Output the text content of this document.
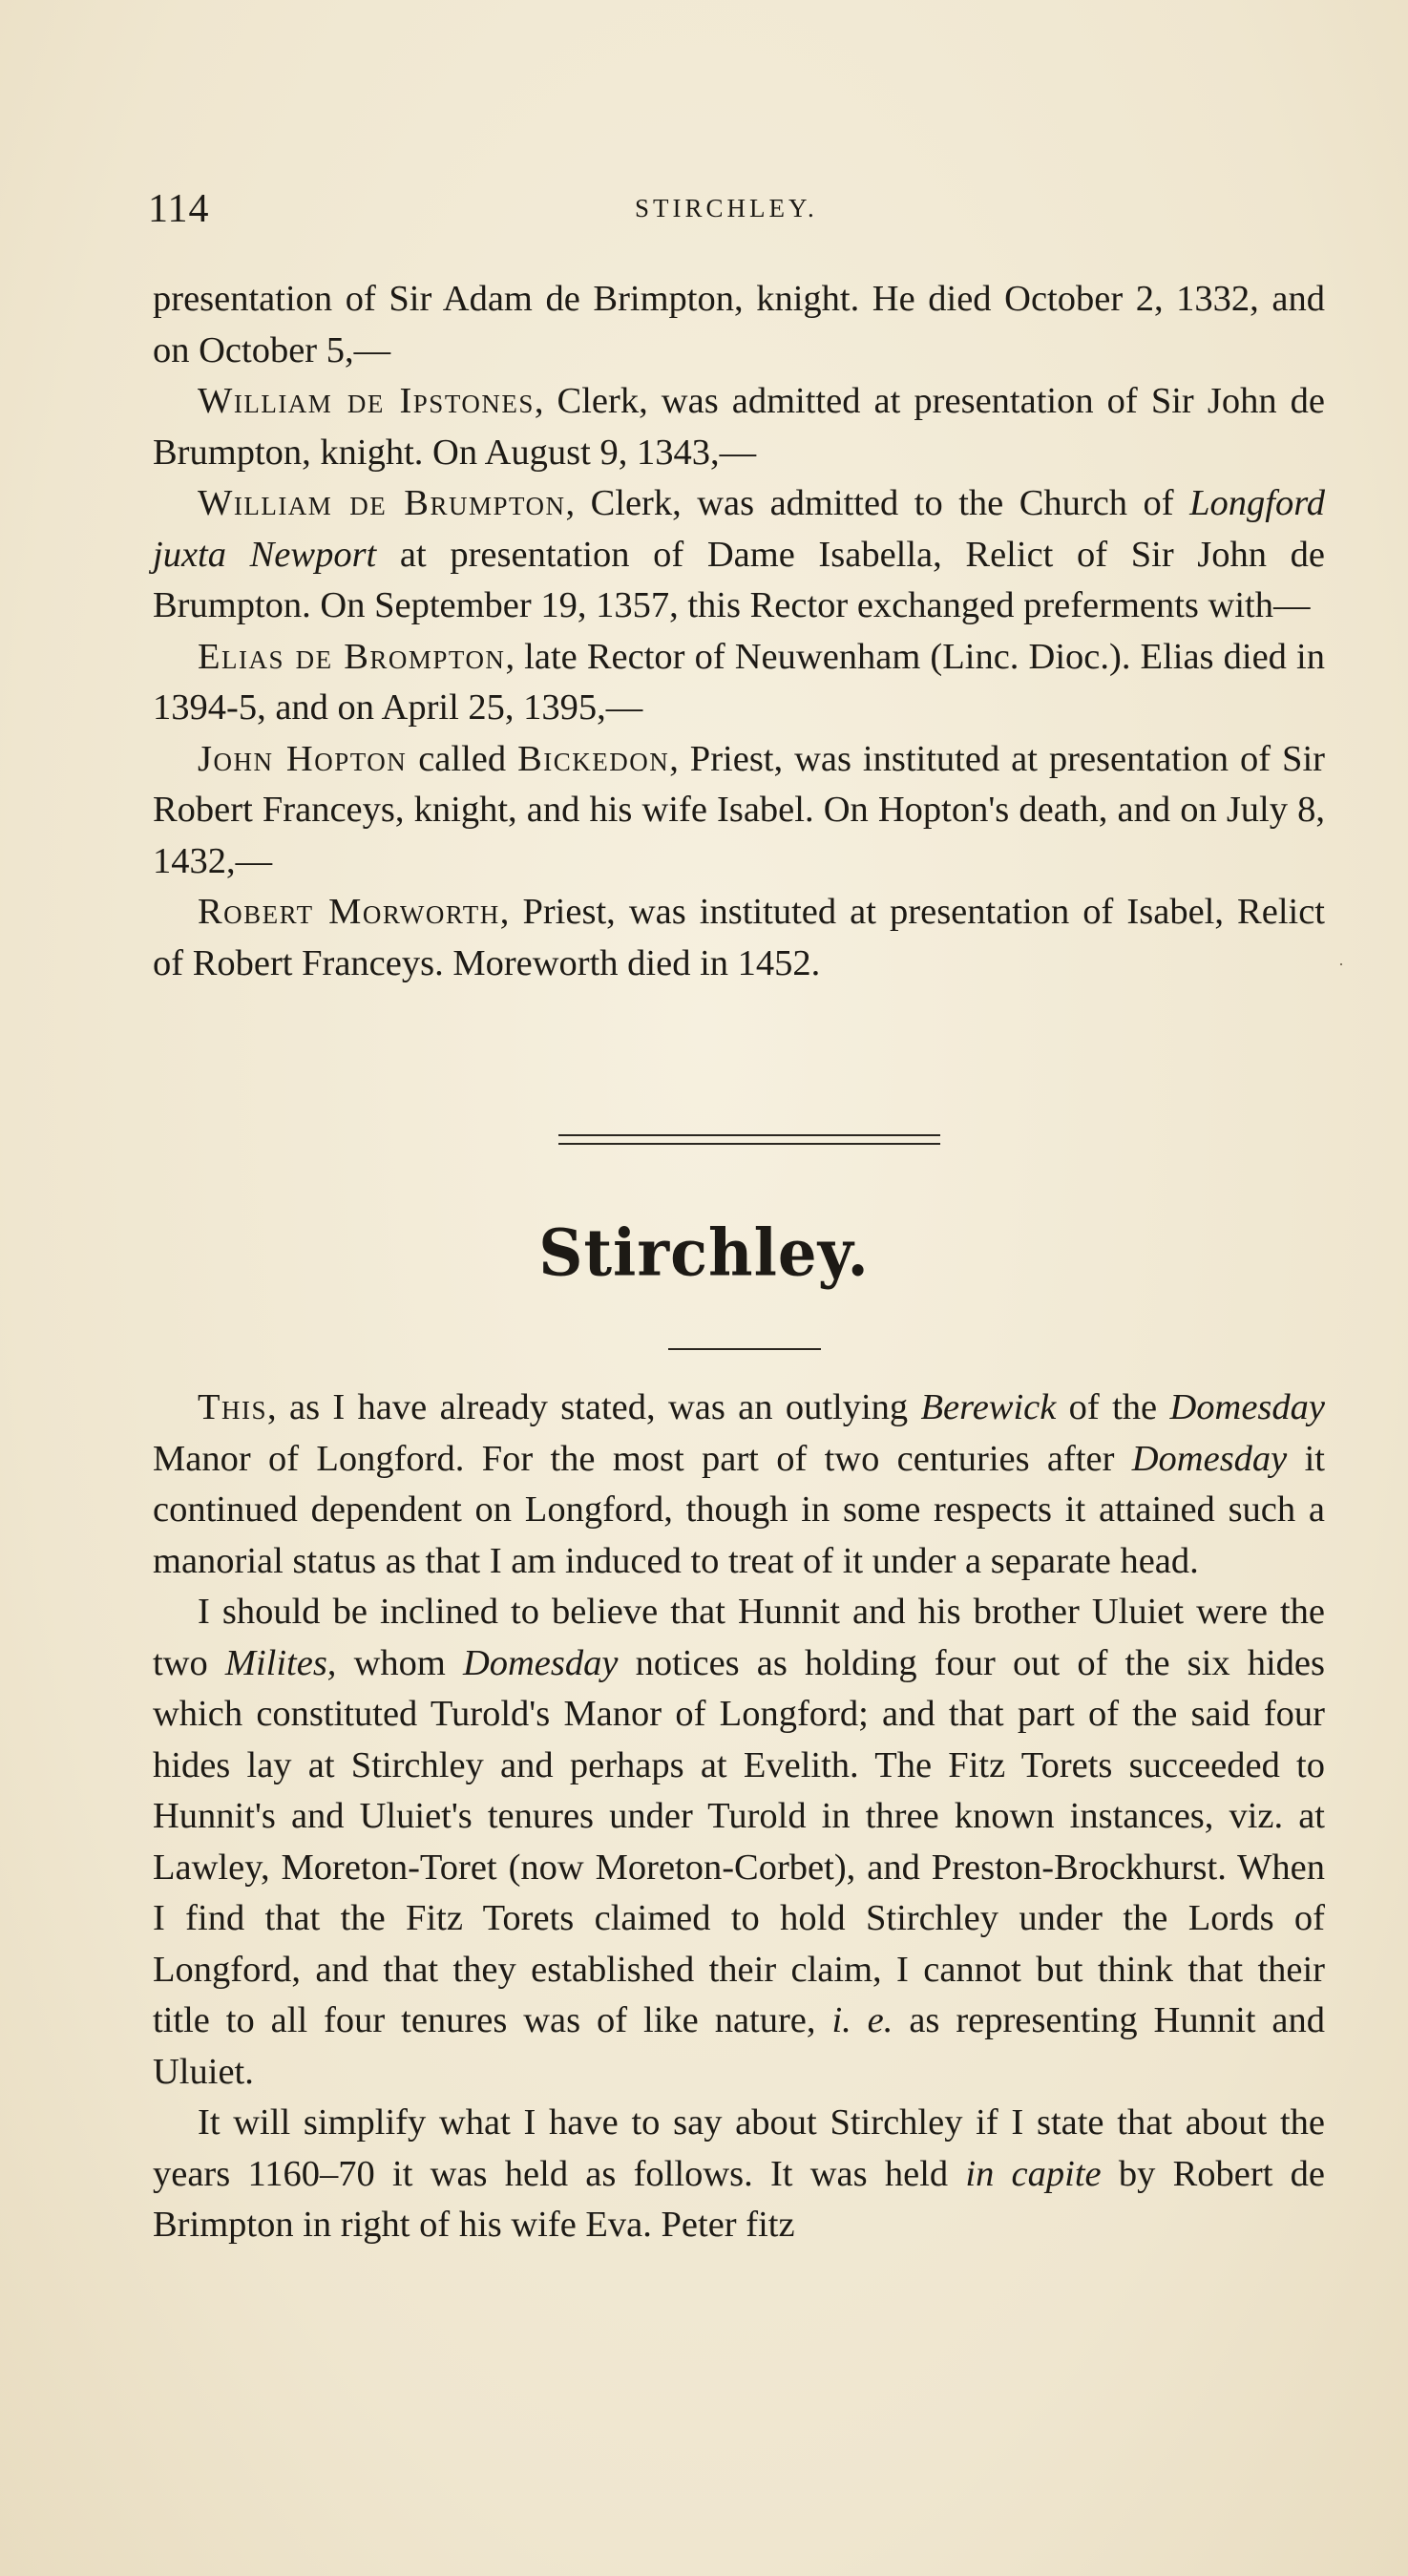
114	STIRCHLEY.

presentation of Sir Adam de Brimpton, knight. He died October 2, 1332, and on October 5,—

William de Ipstones, Clerk, was admitted at presentation of Sir John de Brumpton, knight. On August 9, 1343,—

William de Brumpton, Clerk, was admitted to the Church of Longford juxta Newport at presentation of Dame Isabella, Relict of Sir John de Brumpton. On September 19, 1357, this Rector exchanged preferments with—

Elias de Brompton, late Rector of Neuwenham (Linc. Dioc.). Elias died in 1394-5, and on April 25, 1395,—

John Hopton called Bickedon, Priest, was instituted at presentation of Sir Robert Franceys, knight, and his wife Isabel. On Hopton's death, and on July 8, 1432,—

Robert Morworth, Priest, was instituted at presentation of Isabel, Relict of Robert Franceys. Moreworth died in 1452.

Stirchley.

This, as I have already stated, was an outlying Berewick of the Domesday Manor of Longford. For the most part of two centuries after Domesday it continued dependent on Longford, though in some respects it attained such a manorial status as that I am induced to treat of it under a separate head.

I should be inclined to believe that Hunnit and his brother Uluiet were the two Milites, whom Domesday notices as holding four out of the six hides which constituted Turold's Manor of Longford; and that part of the said four hides lay at Stirchley and perhaps at Evelith. The Fitz Torets succeeded to Hunnit's and Uluiet's tenures under Turold in three known instances, viz. at Lawley, Moreton-Toret (now Moreton-Corbet), and Preston-Brockhurst. When I find that the Fitz Torets claimed to hold Stirchley under the Lords of Longford, and that they established their claim, I cannot but think that their title to all four tenures was of like nature, i. e. as representing Hunnit and Uluiet.

It will simplify what I have to say about Stirchley if I state that about the years 1160–70 it was held as follows. It was held in capite by Robert de Brimpton in right of his wife Eva. Peter fitz

·
